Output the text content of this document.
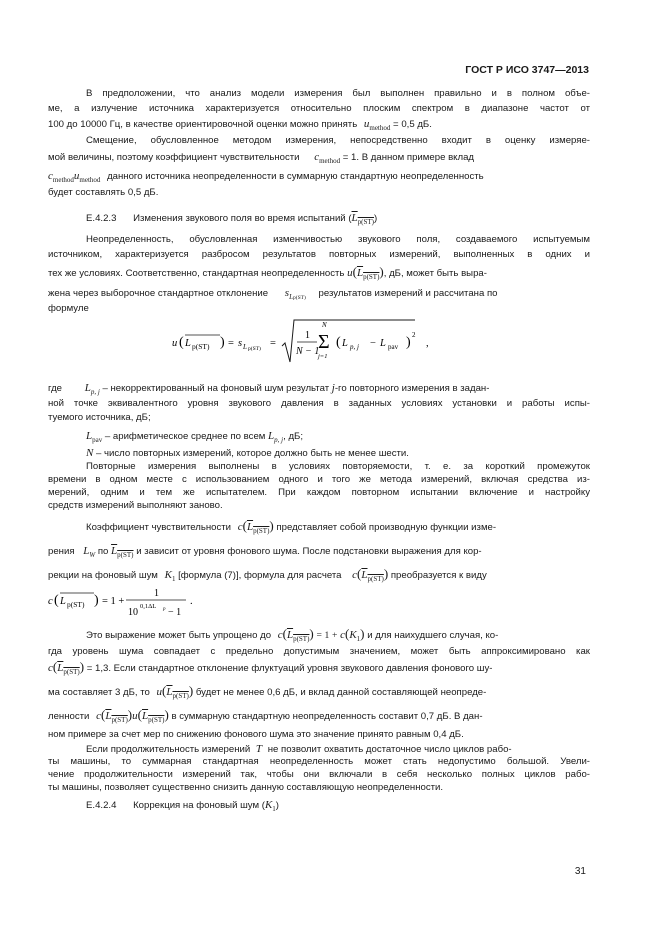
ГОСТ Р ИСО 3747—2013
В предположении, что анализ модели измерения был выполнен правильно и в полном объе-
ме, а излучение источника характеризуется относительно плоским спектром в диапазоне частот от
100 до 10000 Гц, в качестве ориентировочной оценки можно принять $u_{method} = 0,5$ дБ.
Смещение, обусловленное методом измерения, непосредственно входит в оценку измеряе-
мой величины, поэтому коэффициент чувствительности $c_{method} = 1$. В данном примере вклад
$c_{method}u_{method}$ данного источника неопределенности в суммарную стандартную неопределенность
будет составлять 0,5 дБ.
Е.4.2.3 Изменения звукового поля во время испытаний $(\overline{L}_{p(ST)})$
Неопределенность, обусловленная изменчивостью звукового поля, создаваемого испытуемым
источником, характеризуется разбросом результатов повторных измерений, выполненных в одних и
тех же условиях. Соответственно, стандартная неопределенность $u(\overline{L}_{p(ST)})$, дБ, может быть выра-
жена через выборочное стандартное отклонение $s_{Lp(ST)}$ результатов измерений и рассчитана по
формуле
u ( L p(ST) ) = s L p(ST) =
1
N − 1
N
Σ
j=1
( L p, j − L pav ) 2
,
где $L_{p, j}$ – некорректированный на фоновый шум результат j-го повторного измерения в задан-
ной точке эквивалентного уровня звукового давления в заданных условиях установки и работы испы-
туемого источника, дБ;
$L_{pav}$ – арифметическое среднее по всем $L_{p, j}$, дБ;
N – число повторных измерений, которое должно быть не менее шести.
Повторные измерения выполнены в условиях повторяемости, т. е. за короткий промежуток
времени в одном месте с использованием одного и того же метода измерений, включая средства из-
мерений, одним и тем же испытателем. При каждом повторном испытании включение и настройку
средств измерений выполняют заново.
Коэффициент чувствительности $c(\overline{L}_{p(ST)})$ представляет собой производную функции изме-
рения $L_W$ по $\overline{L}_{p(ST)}$ и зависит от уровня фонового шума. После подстановки выражения для кор-
рекции на фоновый шум $K_1$ [формула (7)], формула для расчета $c(\overline{L}_{p(ST)})$ преобразуется к виду
c ( L p(ST) ) = 1 +
1
10
0,1ΔL p − 1
.
Это выражение может быть упрощено до $c(\overline{L}_{p(ST)}) = 1 + c(K_1)$ и для наихудшего случая, ко-
гда уровень шума совпадает с предельно допустимым значением, может быть аппроксимировано как
$c(\overline{L}_{p(ST)}) = 1,3$. Если стандартное отклонение флуктуаций уровня звукового давления фонового шу-
ма составляет 3 дБ, то $u(\overline{L}_{p(ST)})$ будет не менее 0,6 дБ, и вклад данной составляющей неопреде-
ленности $c(\overline{L}_{p(ST)})u(\overline{L}_{p(ST)})$ в суммарную стандартную неопределенность составит 0,7 дБ. В дан-
ном примере за счет мер по снижению фонового шума это значение принято равным 0,4 дБ.
Если продолжительность измерений T не позволит охватить достаточное число циклов рабо-
ты машины, то суммарная стандартная неопределенность может стать недопустимо большой. Увели-
чение продолжительности измерений так, чтобы они включали в себя несколько полных циклов рабо-
ты машины, позволяет существенно снизить данную составляющую неопределенности.
Е.4.2.4 Коррекция на фоновый шум $(K_1)$
31
